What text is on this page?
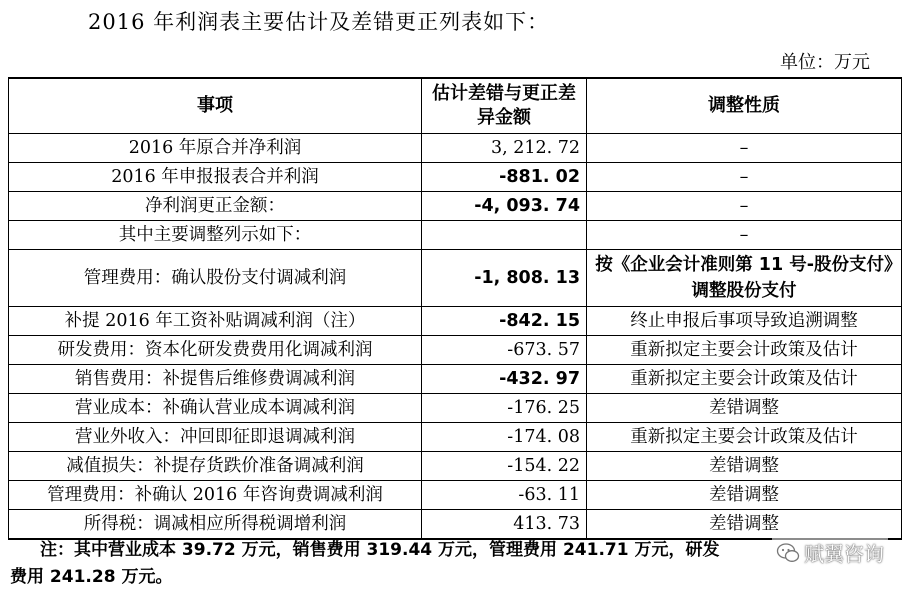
2016 年利润表主要估计及差错更正列表如下：
单位：万元
事项	估计差错与更正差异金额	调整性质
2016 年原合并净利润	3, 212. 72	–
2016 年申报报表合并利润	-881. 02	–
净利润更正金额：	-4, 093. 74	–
其中主要调整列示如下：		–
管理费用：确认股份支付调减利润	-1, 808. 13	按《企业会计准则第 11 号-股份支付》调整股份支付
补提 2016 年工资补贴调减利润（注）	-842. 15	终止申报后事项导致追溯调整
研发费用：资本化研发费费用化调减利润	-673. 57	重新拟定主要会计政策及估计
销售费用：补提售后维修费调减利润	-432. 97	重新拟定主要会计政策及估计
营业成本：补确认营业成本调减利润	-176. 25	差错调整
营业外收入：冲回即征即退调减利润	-174. 08	重新拟定主要会计政策及估计
减值损失：补提存货跌价准备调减利润	-154. 22	差错调整
管理费用：补确认 2016 年咨询费调减利润	-63. 11	差错调整
所得税：调减相应所得税调增利润	413. 73	差错调整
注：其中营业成本 39.72 万元，销售费用 319.44 万元，管理费用 241.71 万元，研发
费用 241.28 万元。
赋翼咨询
